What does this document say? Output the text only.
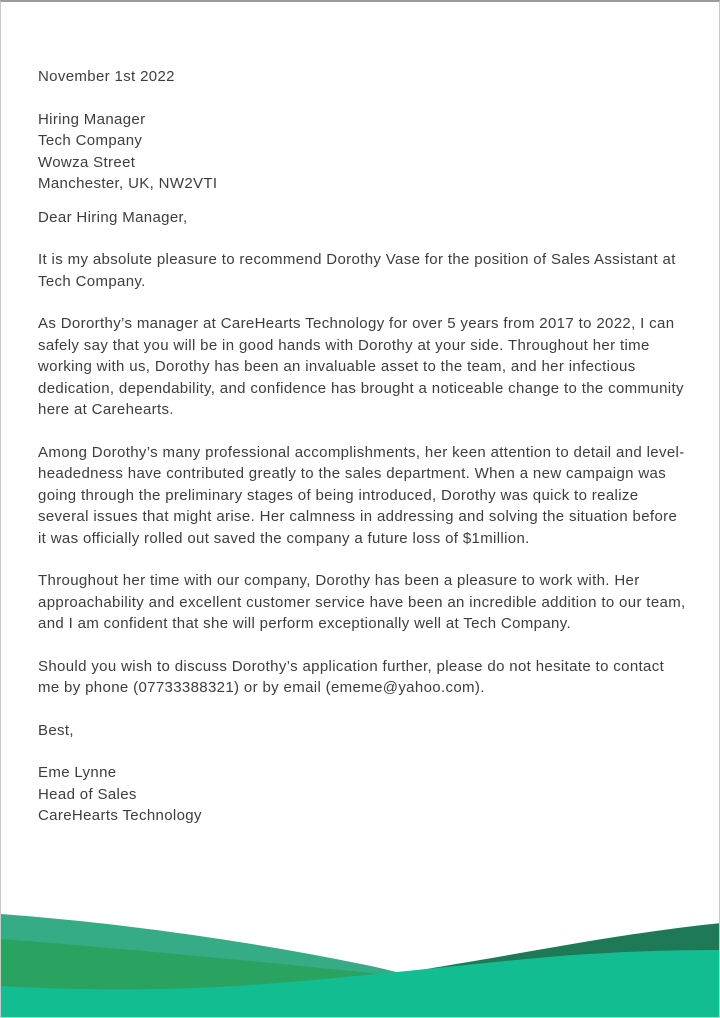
November 1st 2022

Hiring Manager

Tech Company

Wowza Street

Manchester, UK, NW2VTI

Dear Hiring Manager,

It is my absolute pleasure to recommend Dorothy Vase for the position of Sales Assistant at Tech Company.

As Dororthy’s manager at CareHearts Technology for over 5 years from 2017 to 2022, I can safely say that you will be in good hands with Dorothy at your side. Throughout her time working with us, Dorothy has been an invaluable asset to the team, and her infectious dedication, dependability, and confidence has brought a noticeable change to the community here at Carehearts.

Among Dorothy’s many professional accomplishments, her keen attention to detail and level-headedness have contributed greatly to the sales department. When a new campaign was going through the preliminary stages of being introduced, Dorothy was quick to realize several issues that might arise. Her calmness in addressing and solving the situation before it was officially rolled out saved the company a future loss of $1million.

Throughout her time with our company, Dorothy has been a pleasure to work with. Her approachability and excellent customer service have been an incredible addition to our team, and I am confident that she will perform exceptionally well at Tech Company.

Should you wish to discuss Dorothy’s application further, please do not hesitate to contact me by phone (07733388321) or by email (ememe@yahoo.com).

Best,

Eme Lynne

Head of Sales

CareHearts Technology
